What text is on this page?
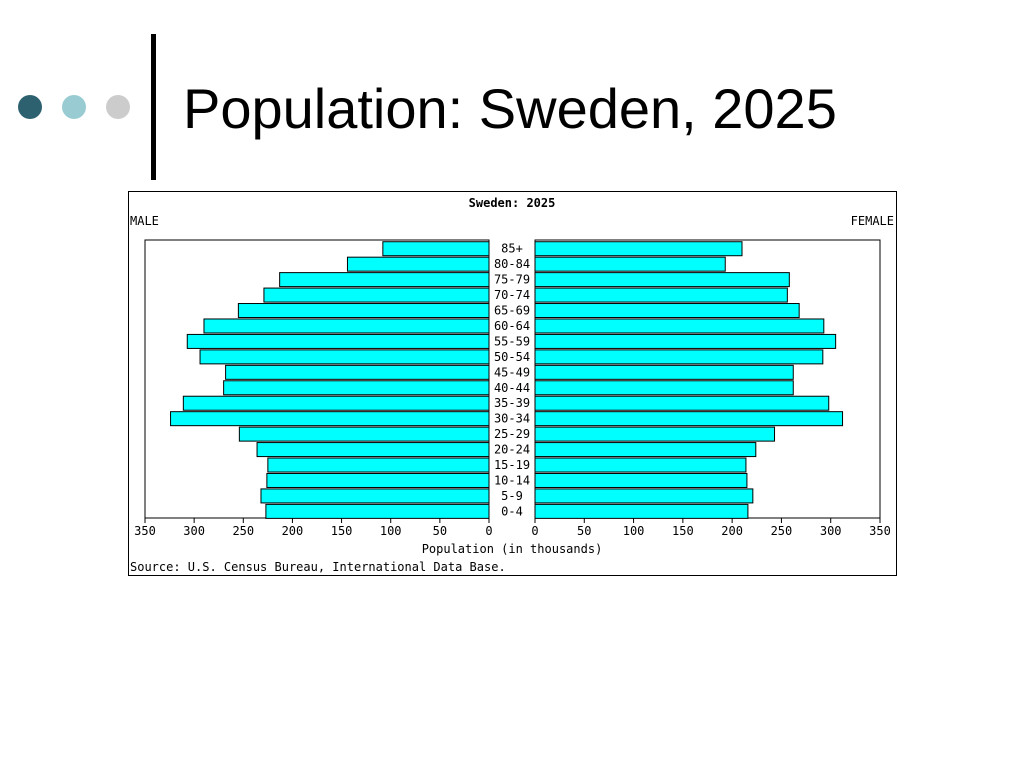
Population: Sweden, 2025
Sweden: 2025
MALE	FEMALE
85+
80-84
75-79
70-74
65-69
60-64
55-59
50-54
45-49
40-44
35-39
30-34
25-29
20-24
15-19
10-14
5-9
0-4
0	0
50	50
100	100
150	150
200	200
250	250
300	300
350	350
Population (in thousands)
Source: U.S. Census Bureau, International Data Base.
